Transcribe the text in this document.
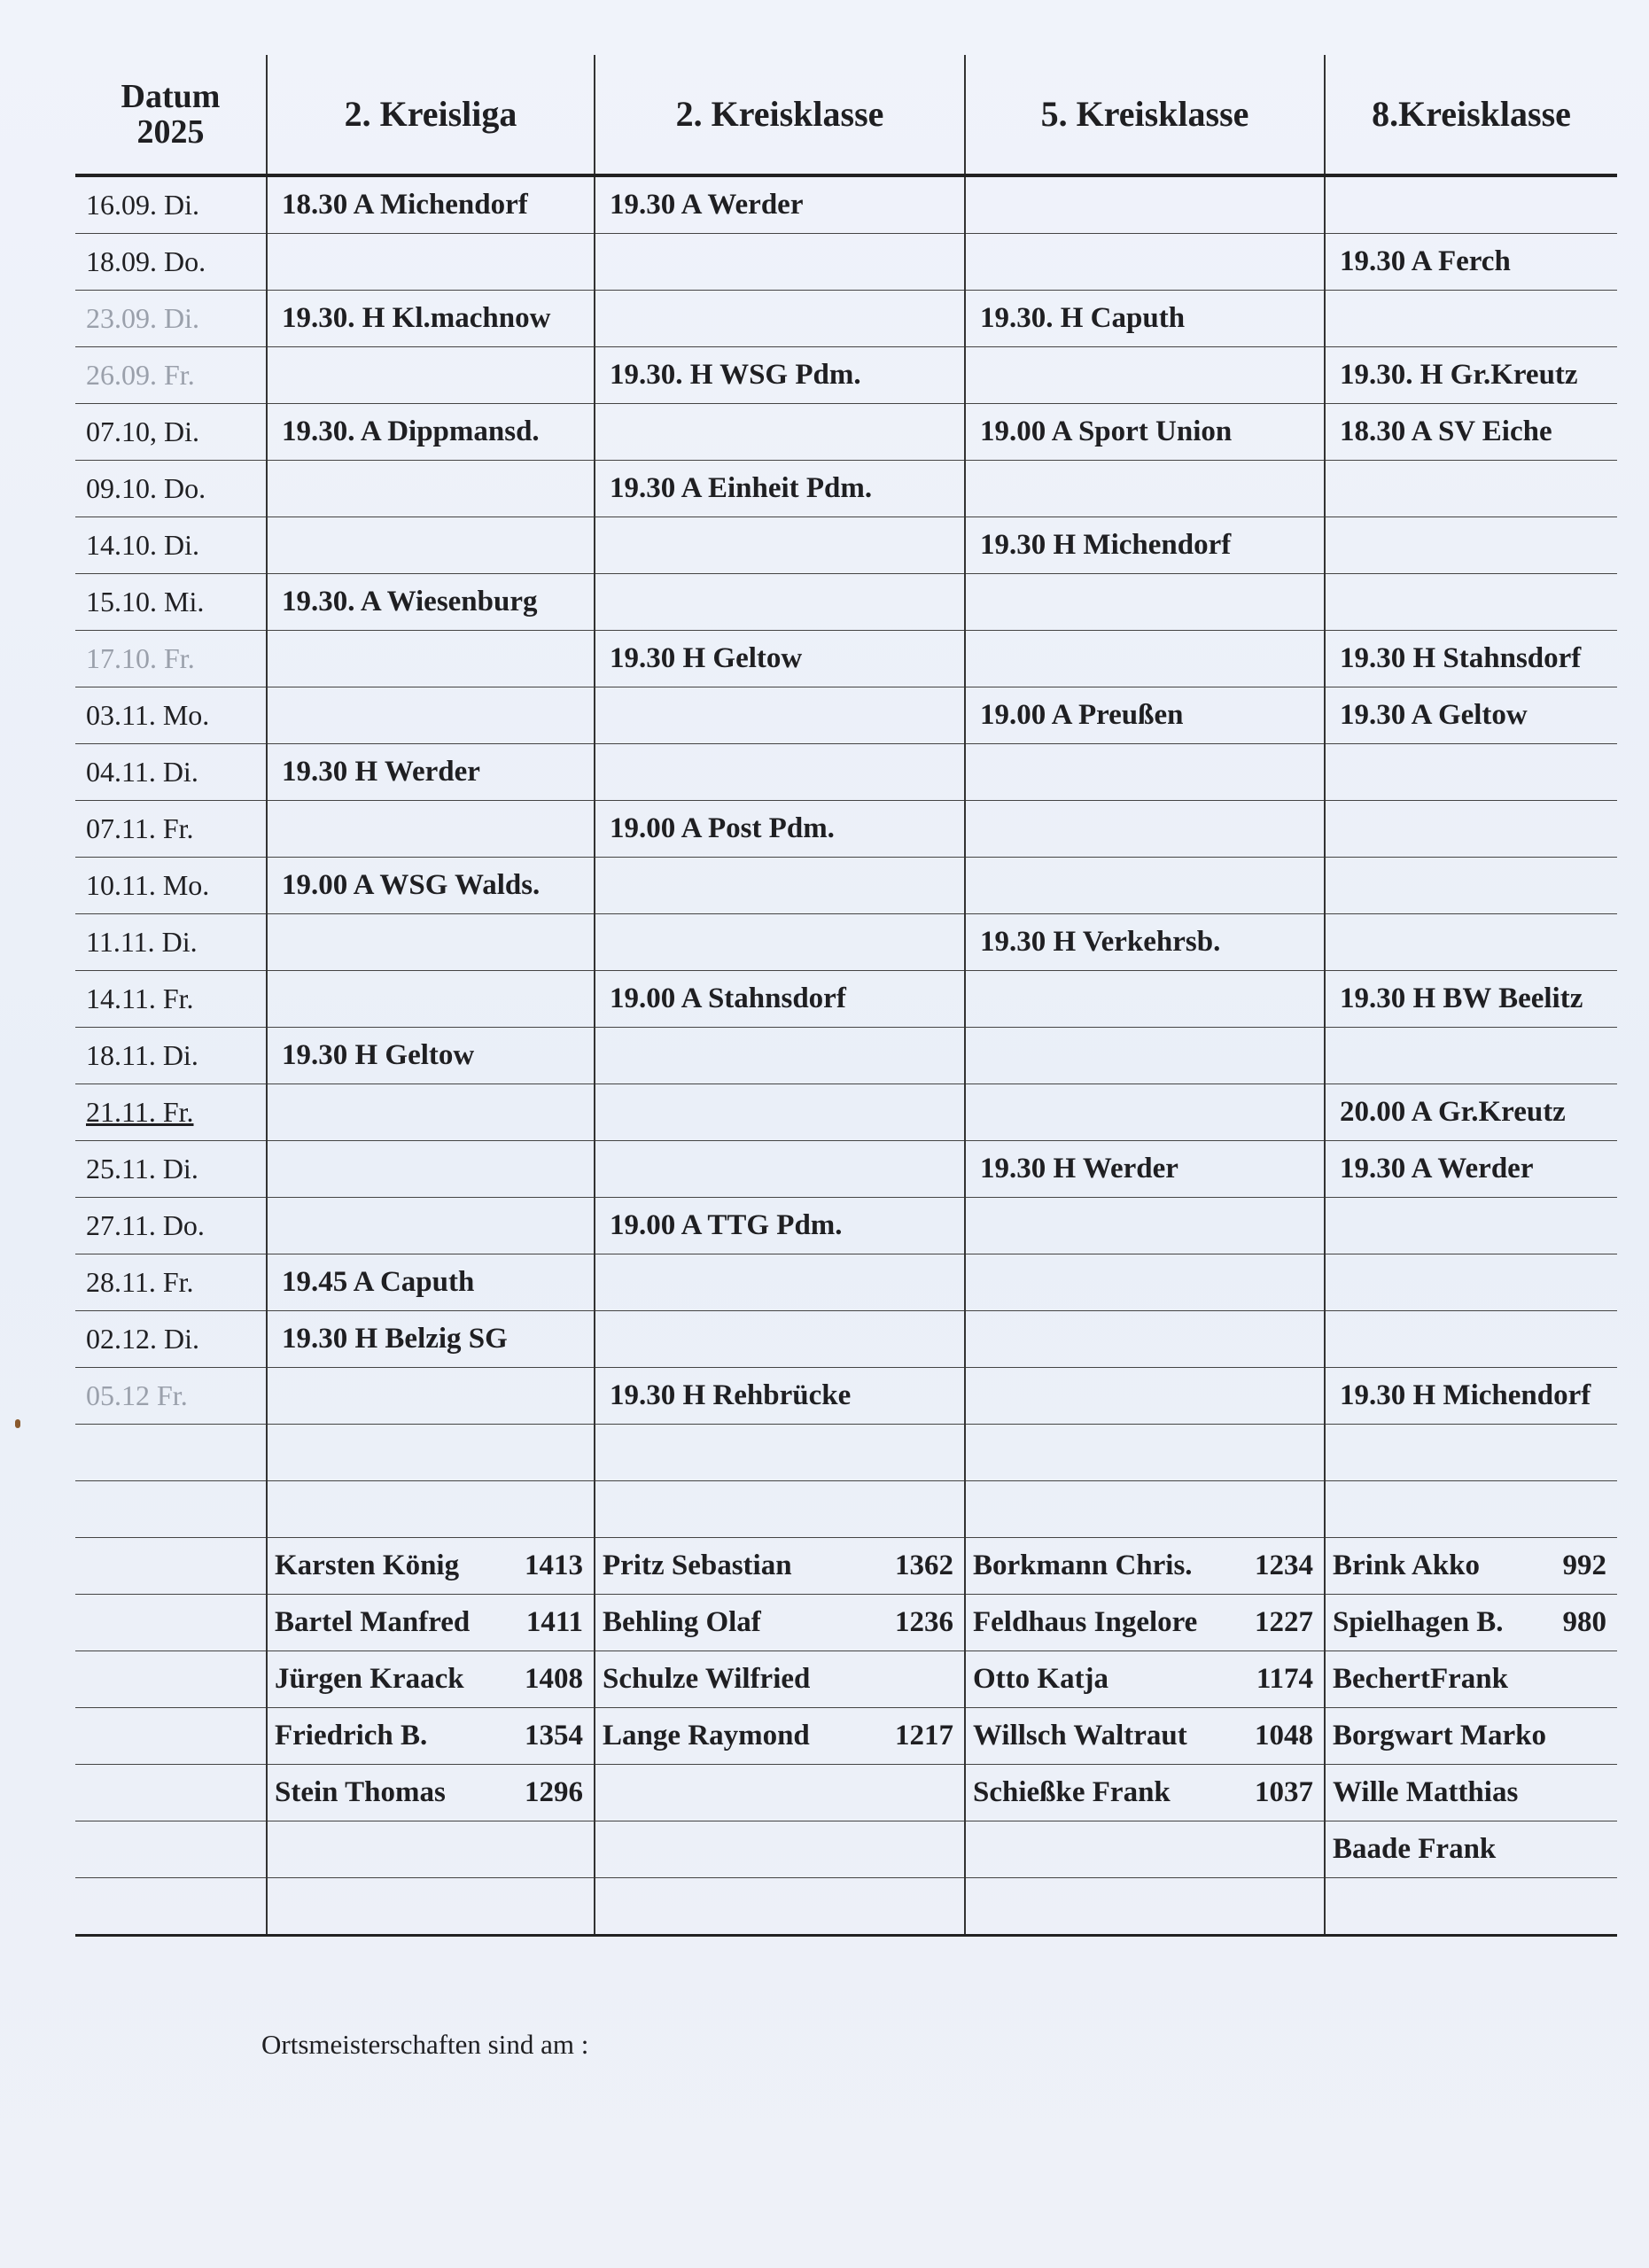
Datum
2025	2. Kreisliga	2. Kreisklasse	5. Kreisklasse	8.Kreisklasse
16.09. Di.	18.30 A Michendorf	19.30 A Werder		
18.09. Do.				19.30 A Ferch
23.09. Di.	19.30. H Kl.machnow		19.30. H Caputh	
26.09. Fr.		19.30. H WSG Pdm.		19.30. H Gr.Kreutz
07.10, Di.	19.30. A Dippmansd.		19.00 A Sport Union	18.30 A SV Eiche
09.10. Do.		19.30 A Einheit Pdm.		
14.10. Di.			19.30 H Michendorf	
15.10. Mi.	19.30. A Wiesenburg			
17.10. Fr.		19.30 H Geltow		19.30 H Stahnsdorf
03.11. Mo.			19.00 A Preußen	19.30 A Geltow
04.11. Di.	19.30 H Werder			
07.11. Fr.		19.00 A Post Pdm.		
10.11. Mo.	19.00 A WSG Walds.			
11.11. Di.			19.30 H Verkehrsb.	
14.11. Fr.		19.00 A Stahnsdorf		19.30 H BW Beelitz
18.11. Di.	19.30 H Geltow			
21.11. Fr.				20.00 A Gr.Kreutz
25.11. Di.			19.30 H Werder	19.30 A Werder
27.11. Do.		19.00 A TTG Pdm.		
28.11. Fr.	19.45 A Caputh			
02.12. Di.	19.30 H Belzig SG			
05.12 Fr.		19.30 H Rehbrücke		19.30 H Michendorf

	Karsten König 1413	Pritz Sebastian 1362	Borkmann Chris. 1234	Brink Akko 992

	Bartel Manfred 1411	Behling Olaf 1236	Feldhaus Ingelore 1227	Spielhagen B. 980

	Jürgen Kraack 1408	Schulze Wilfried	Otto Katja 1174	BechertFrank

	Friedrich B. 1354	Lange Raymond 1217	Willsch Waltraut 1048	Borgwart Marko

	Stein Thomas 1296		Schießke Frank 1037	Wille Matthias

				Baade Frank

Ortsmeisterschaften sind am :
